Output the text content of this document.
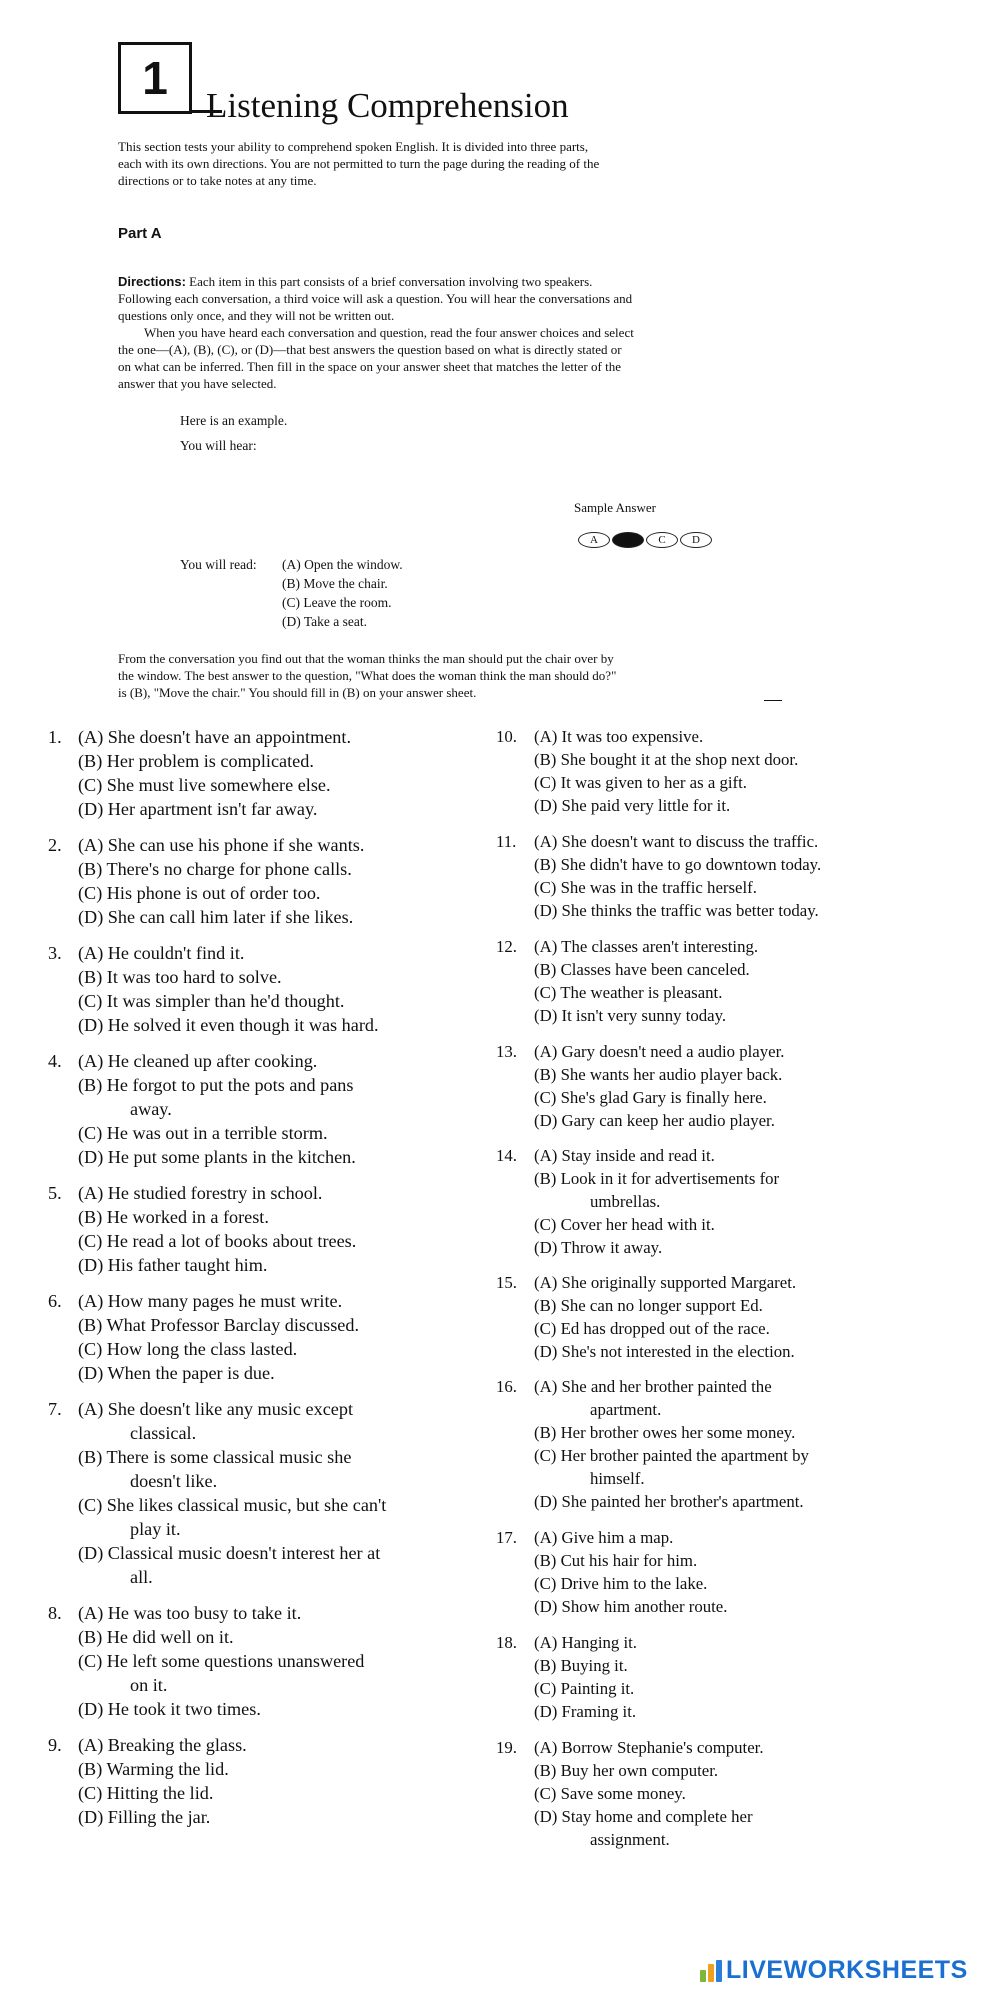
1
Listening Comprehension

This section tests your ability to comprehend spoken English. It is divided into three parts,

each with its own directions. You are not permitted to turn the page during the reading of the

directions or to take notes at any time.

Part A

Directions: Each item in this part consists of a brief conversation involving two speakers.

Following each conversation, a third voice will ask a question. You will hear the conversations and

questions only once, and they will not be written out.

When you have heard each conversation and question, read the four answer choices and select

the one—(A), (B), (C), or (D)—that best answers the question based on what is directly stated or

on what can be inferred. Then fill in the space on your answer sheet that matches the letter of the

answer that you have selected.

Here is an example.
You will hear:
Sample Answer
A	B	C	D
You will read:	(A) Open the window.
(B) Move the chair.
(C) Leave the room.
(D) Take a seat.

From the conversation you find out that the woman thinks the man should put the chair over by

the window. The best answer to the question, "What does the woman think the man should do?"

is (B), "Move the chair." You should fill in (B) on your answer sheet.

1. (A) She doesn't have an appointment.
(B) Her problem is complicated.
(C) She must live somewhere else.
(D) Her apartment isn't far away.
2. (A) She can use his phone if she wants.
(B) There's no charge for phone calls.
(C) His phone is out of order too.
(D) She can call him later if she likes.
3. (A) He couldn't find it.
(B) It was too hard to solve.
(C) It was simpler than he'd thought.
(D) He solved it even though it was hard.
4. (A) He cleaned up after cooking.
(B) He forgot to put the pots and pans
away.
(C) He was out in a terrible storm.
(D) He put some plants in the kitchen.
5. (A) He studied forestry in school.
(B) He worked in a forest.
(C) He read a lot of books about trees.
(D) His father taught him.
6. (A) How many pages he must write.
(B) What Professor Barclay discussed.
(C) How long the class lasted.
(D) When the paper is due.
7. (A) She doesn't like any music except
classical.
(B) There is some classical music she
doesn't like.
(C) She likes classical music, but she can't
play it.
(D) Classical music doesn't interest her at
all.
8. (A) He was too busy to take it.
(B) He did well on it.
(C) He left some questions unanswered
on it.
(D) He took it two times.
9. (A) Breaking the glass.
(B) Warming the lid.
(C) Hitting the lid.
(D) Filling the jar.
10. (A) It was too expensive.
(B) She bought it at the shop next door.
(C) It was given to her as a gift.
(D) She paid very little for it.
11. (A) She doesn't want to discuss the traffic.
(B) She didn't have to go downtown today.
(C) She was in the traffic herself.
(D) She thinks the traffic was better today.
12. (A) The classes aren't interesting.
(B) Classes have been canceled.
(C) The weather is pleasant.
(D) It isn't very sunny today.
13. (A) Gary doesn't need a audio player.
(B) She wants her audio player back.
(C) She's glad Gary is finally here.
(D) Gary can keep her audio player.
14. (A) Stay inside and read it.
(B) Look in it for advertisements for
umbrellas.
(C) Cover her head with it.
(D) Throw it away.
15. (A) She originally supported Margaret.
(B) She can no longer support Ed.
(C) Ed has dropped out of the race.
(D) She's not interested in the election.
16. (A) She and her brother painted the
apartment.
(B) Her brother owes her some money.
(C) Her brother painted the apartment by
himself.
(D) She painted her brother's apartment.
17. (A) Give him a map.
(B) Cut his hair for him.
(C) Drive him to the lake.
(D) Show him another route.
18. (A) Hanging it.
(B) Buying it.
(C) Painting it.
(D) Framing it.
19. (A) Borrow Stephanie's computer.
(B) Buy her own computer.
(C) Save some money.
(D) Stay home and complete her
assignment.
LIVEWORKSHEETS
